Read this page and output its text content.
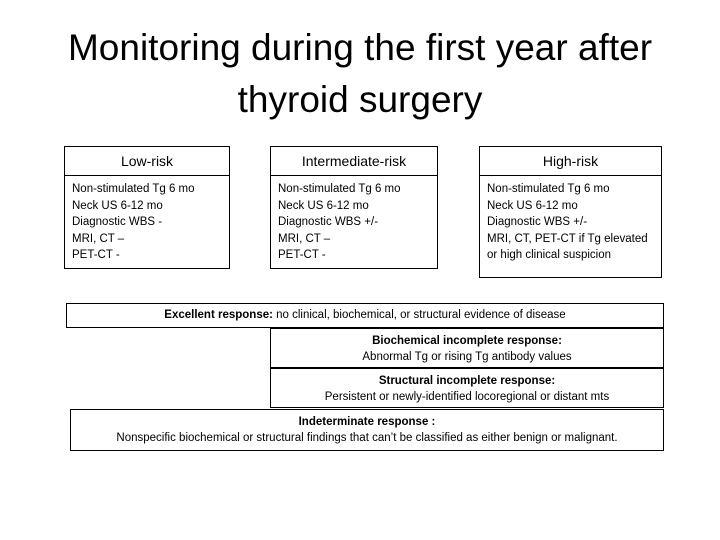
Monitoring during the first year after
thyroid surgery
Low-risk
Non-stimulated Tg 6 mo
Neck US 6-12 mo
Diagnostic WBS -
MRI, CT –
PET-CT -
Intermediate-risk
Non-stimulated Tg 6 mo
Neck US 6-12 mo
Diagnostic WBS +/-
MRI, CT –
PET-CT -
High-risk
Non-stimulated Tg 6 mo
Neck US 6-12 mo
Diagnostic WBS +/-
MRI, CT, PET-CT if Tg elevated or high clinical suspicion
Excellent response: no clinical, biochemical, or structural evidence of disease
Biochemical incomplete response:
Abnormal Tg or rising Tg antibody values
Structural incomplete response:
Persistent or newly-identified locoregional or distant mts
Indeterminate response :
Nonspecific biochemical or structural findings that can’t be classified as either benign or malignant.
